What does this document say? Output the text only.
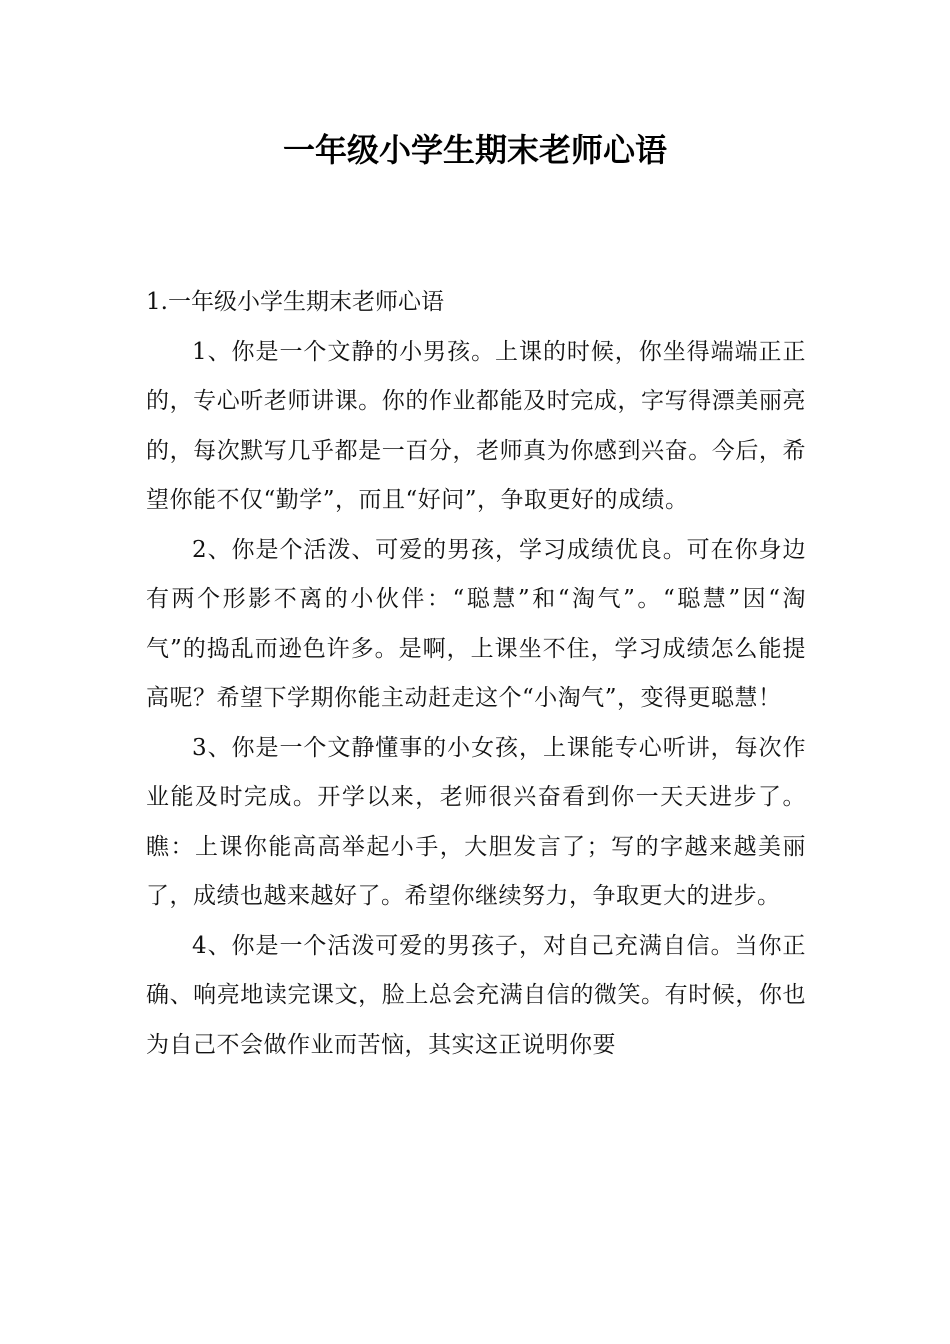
一年级小学生期末老师心语

1.一年级小学生期末老师心语

1、你是一个文静的小男孩。上课的时候，你坐得端端正正的，专心听老师讲课。你的作业都能及时完成，字写得漂美丽亮的，每次默写几乎都是一百分，老师真为你感到兴奋。今后，希望你能不仅“勤学”，而且“好问”，争取更好的成绩。

2、你是个活泼、可爱的男孩，学习成绩优良。可在你身边有两个形影不离的小伙伴：“聪慧”和“淘气”。“聪慧”因“淘气”的捣乱而逊色许多。是啊，上课坐不住，学习成绩怎么能提高呢？希望下学期你能主动赶走这个“小淘气”，变得更聪慧！

3、你是一个文静懂事的小女孩，上课能专心听讲，每次作业能及时完成。开学以来，老师很兴奋看到你一天天进步了。瞧：上课你能高高举起小手，大胆发言了；写的字越来越美丽了，成绩也越来越好了。希望你继续努力，争取更大的进步。

4、你是一个活泼可爱的男孩子，对自己充满自信。当你正确、响亮地读完课文，脸上总会充满自信的微笑。有时候，你也为自己不会做作业而苦恼，其实这正说明你要
